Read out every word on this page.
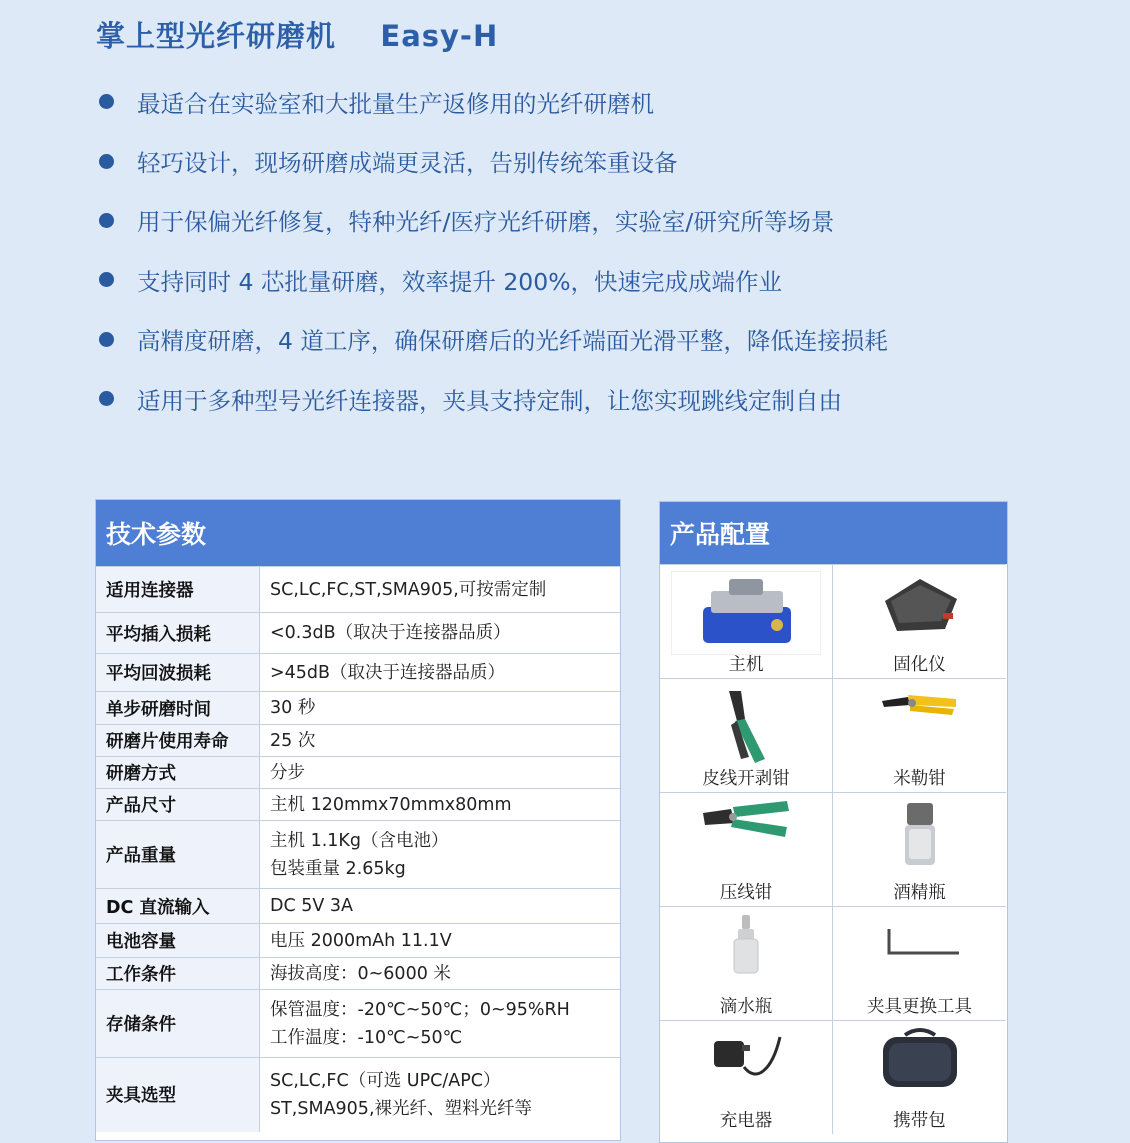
掌上型光纤研磨机    Easy-H
最适合在实验室和大批量生产返修用的光纤研磨机
轻巧设计，现场研磨成端更灵活，告别传统笨重设备
用于保偏光纤修复，特种光纤/医疗光纤研磨，实验室/研究所等场景
支持同时 4 芯批量研磨，效率提升 200%，快速完成成端作业
高精度研磨，4 道工序，确保研磨后的光纤端面光滑平整，降低连接损耗
适用于多种型号光纤连接器，夹具支持定制，让您实现跳线定制自由
技术参数
适用连接器	SC,LC,FC,ST,SMA905,可按需定制
平均插入损耗	<0.3dB（取决于连接器品质）
平均回波损耗	>45dB（取决于连接器品质）
单步研磨时间	30 秒
研磨片使用寿命	25 次
研磨方式	分步
产品尺寸	主机 120mmx70mmx80mm
产品重量	主机 1.1Kg（含电池）
包装重量 2.65kg

DC 直流输入	DC 5V 3A
电池容量	电压 2000mAh 11.1V
工作条件	海拔高度：0~6000 米
存储条件	保管温度：-20℃~50℃；0~95%RH
工作温度：-10℃~50℃

夹具选型	SC,LC,FC（可选 UPC/APC）
ST,SMA905,裸光纤、塑料光纤等
产品配置
主机	固化仪
皮线开剥钳	米勒钳
压线钳	酒精瓶
滴水瓶	夹具更换工具
充电器	携带包
